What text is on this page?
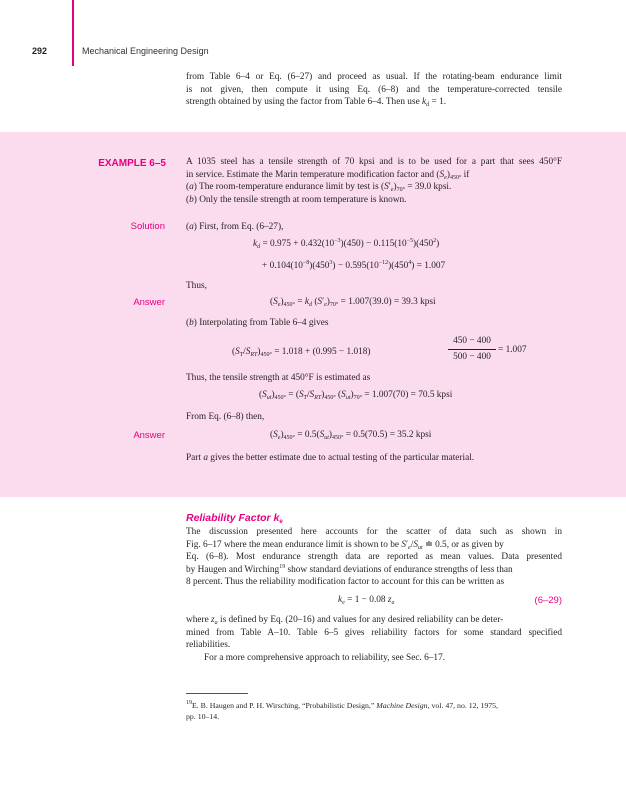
292	Mechanical Engineering Design
from Table 6–4 or Eq. (6–27) and proceed as usual. If the rotating-beam endurance limit
is not given, then compute it using Eq. (6–8) and the temperature-corrected tensile
strength obtained by using the factor from Table 6–4. Then use $k_d = 1$.
EXAMPLE 6–5 A 1035 steel has a tensile strength of 70 kpsi and is to be used for a part that sees 450°F
in service. Estimate the Marin temperature modification factor and $(S_e)_{450^\circ}$ if
(a) The room-temperature endurance limit by test is $(S'_e)_{70^\circ} = 39.0$ kpsi.
(b) Only the tensile strength at room temperature is known.
Solution (a) First, from Eq. (6–27),
$k_d = 0.975 + 0.432(10^{-3})(450) - 0.115(10^{-5})(450^2)$
+ $0.104(10^{-8})(450^3) - 0.595(10^{-12})(450^4) = 1.007$
Thus,
Answer	$(S_e)_{450^\circ} = k_d$ $(S'_e)_{70^\circ} = 1.007(39.0) = 39.3$ kpsi
(b) Interpolating from Table 6–4 gives
$(S_T/S_{RT})_{450^\circ} = 1.018 + (0.995 - 1.018)$
450 − 400
500 − 400
= 1.007
Thus, the tensile strength at 450°F is estimated as
$(S_{ut})_{450^\circ} = (S_T/S_{RT})_{450^\circ}$ $(S_{ut})_{70^\circ} = 1.007(70) = 70.5$ kpsi
From Eq. (6–8) then,
Answer	$(S_e)_{450^\circ} = 0.5(S_{ut})_{450^\circ} = 0.5(70.5) = 35.2$ kpsi
Part a gives the better estimate due to actual testing of the particular material.
Reliability Factor $k_e$
The discussion presented here accounts for the scatter of data such as shown in
Fig. 6–17 where the mean endurance limit is shown to be $S'_e/S_{ut}$ ≐ 0.5, or as given by
Eq. (6–8). Most endurance strength data are reported as mean values. Data presented
by Haugen and Wirching$^{19}$ show standard deviations of endurance strengths of less than
8 percent. Thus the reliability modification factor to account for this can be written as
$k_e = 1 - 0.08$ $z_a$	(6–29)
where $z_a$ is defined by Eq. (20–16) and values for any desired reliability can be deter-
mined from Table A–10. Table 6–5 gives reliability factors for some standard specified
reliabilities.
For a more comprehensive approach to reliability, see Sec. 6–17.
$^{19}$E. B. Haugen and P. H. Wirsching, “Probabilistic Design,” Machine Design, vol. 47, no. 12, 1975,
pp. 10–14.
